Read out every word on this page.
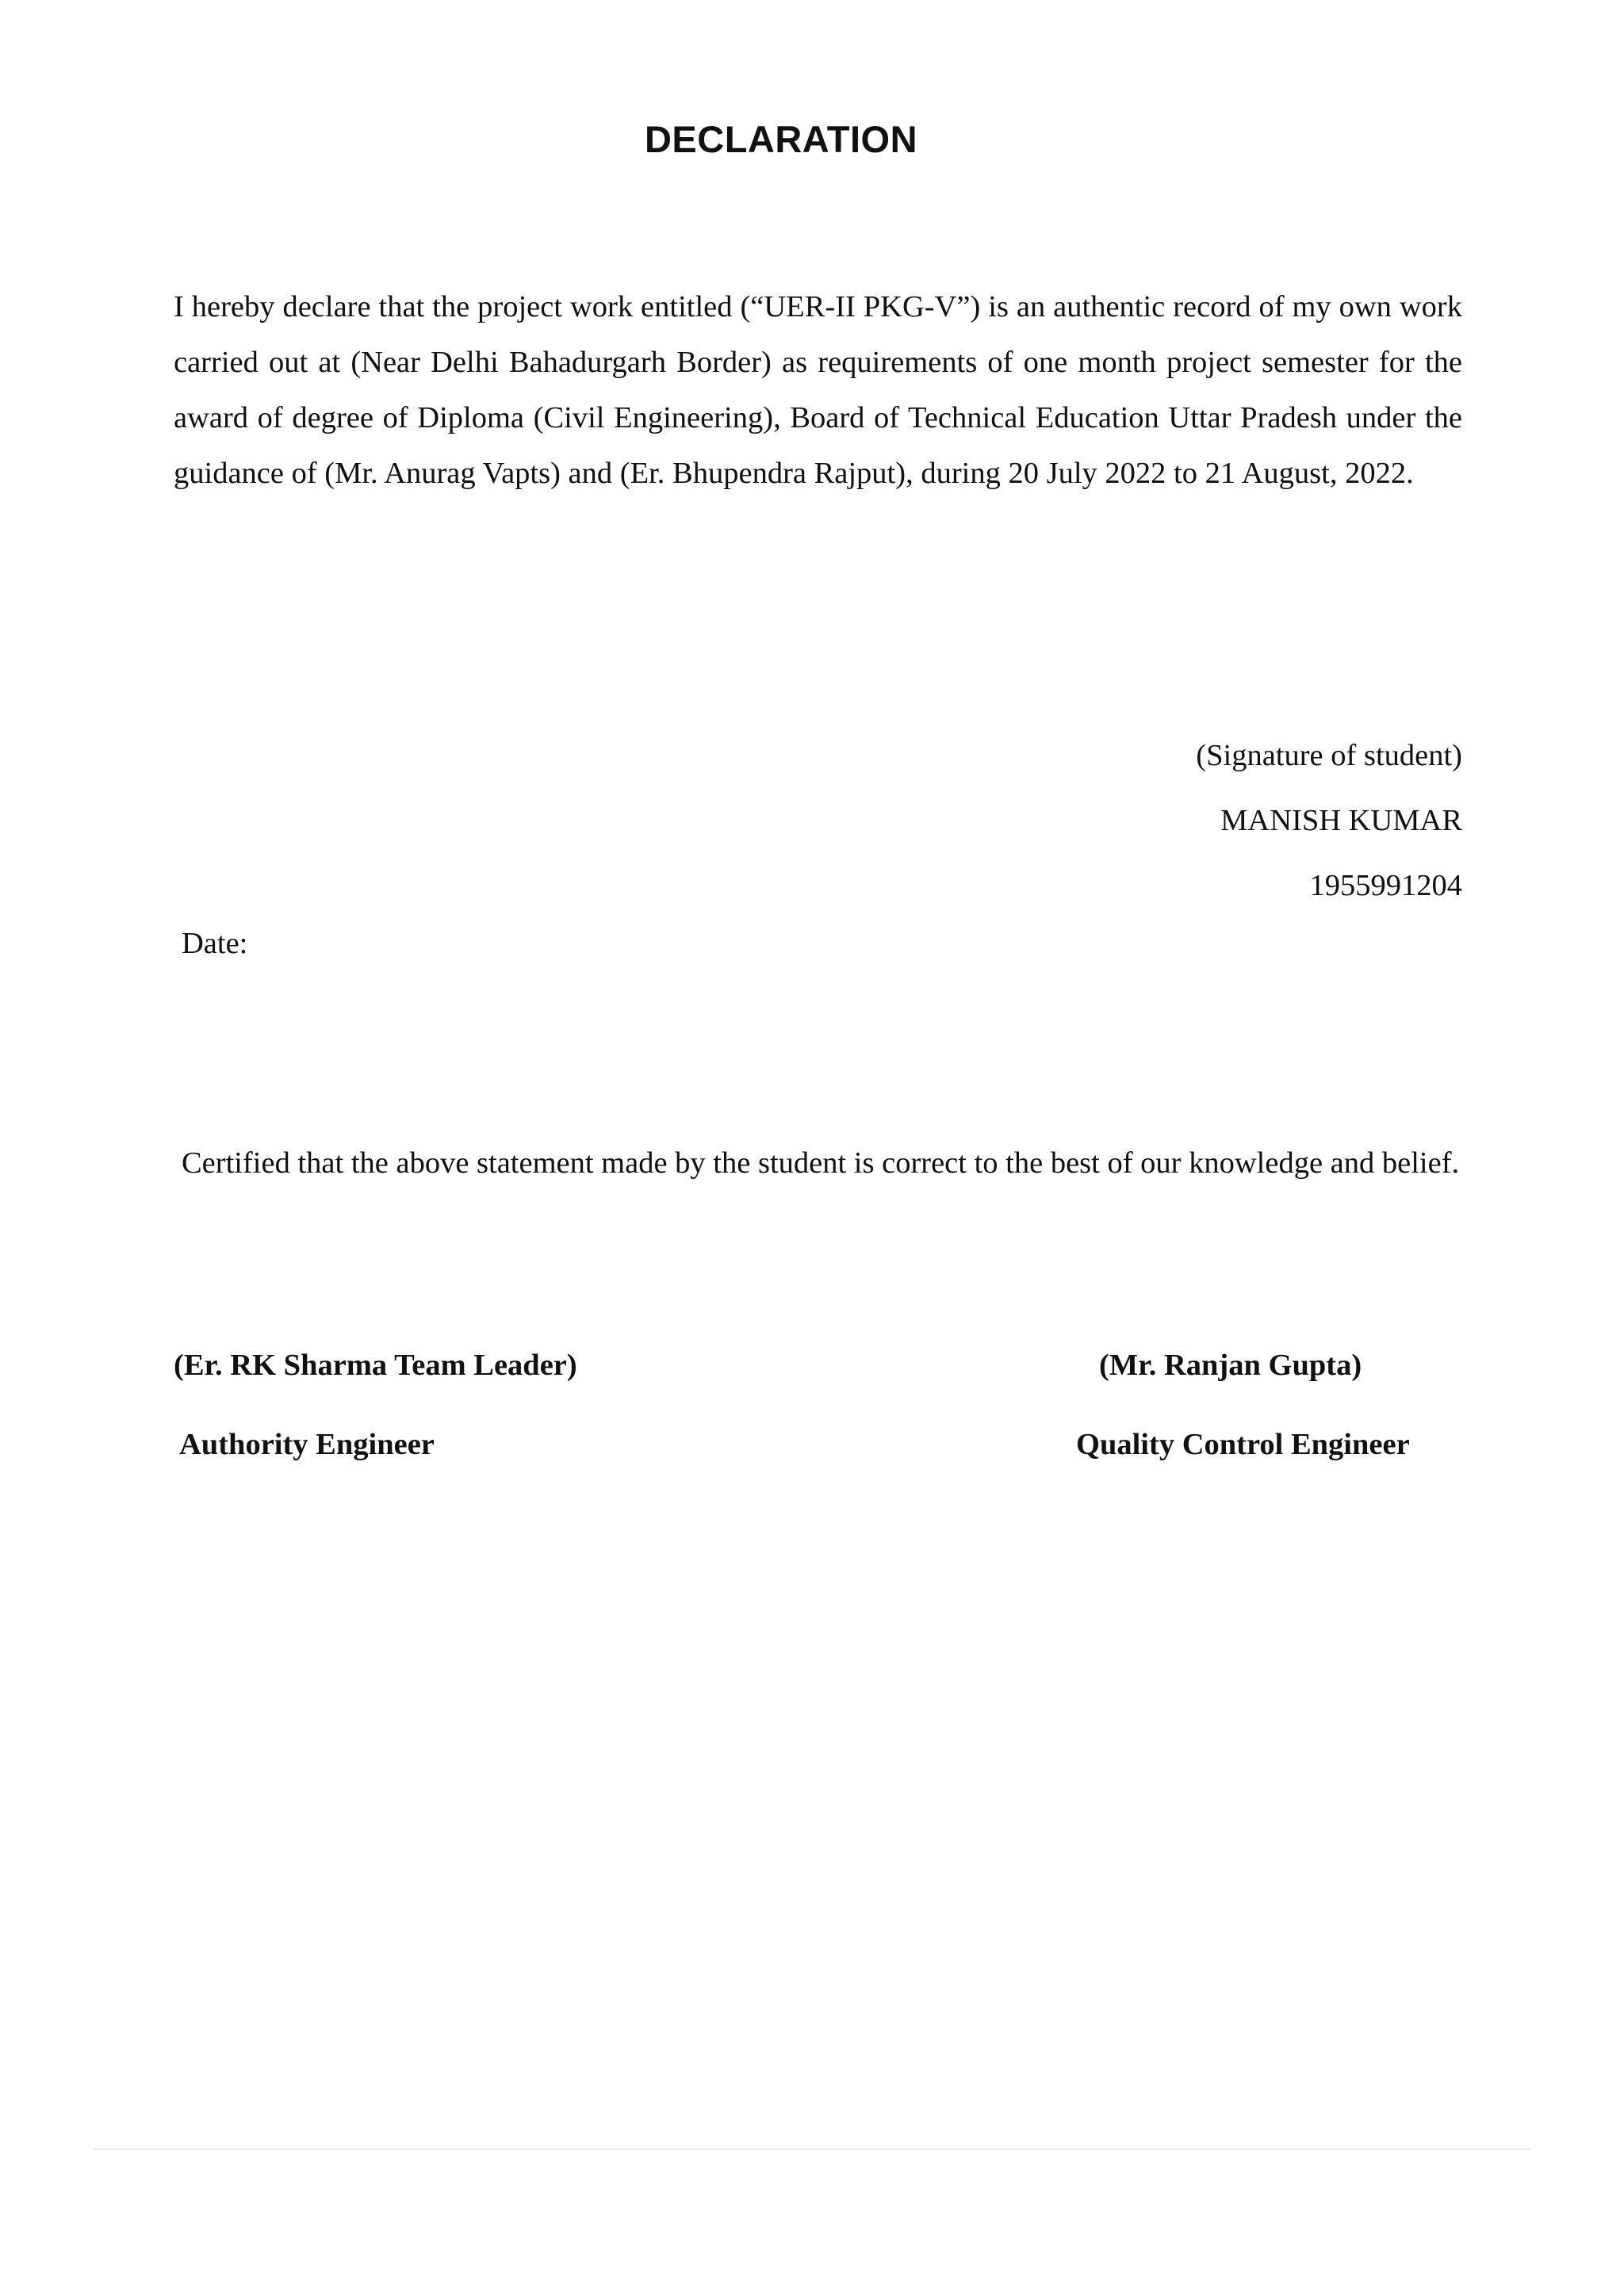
DECLARATION

I hereby declare that the project work entitled (“UER-II PKG-V”) is an authentic record of my own work carried out at (Near Delhi Bahadurgarh Border) as requirements of one month project semester for the award of degree of Diploma (Civil Engineering), Board of Technical Education Uttar Pradesh under the guidance of (Mr. Anurag Vapts) and (Er. Bhupendra Rajput), during 20 July 2022 to 21 August, 2022.

(Signature of student)
MANISH KUMAR
1955991204
Date:

Certified that the above statement made by the student is correct to the best of our knowledge and belief.

(Er. RK Sharma Team Leader)	(Mr. Ranjan Gupta)
Authority Engineer	Quality Control Engineer
